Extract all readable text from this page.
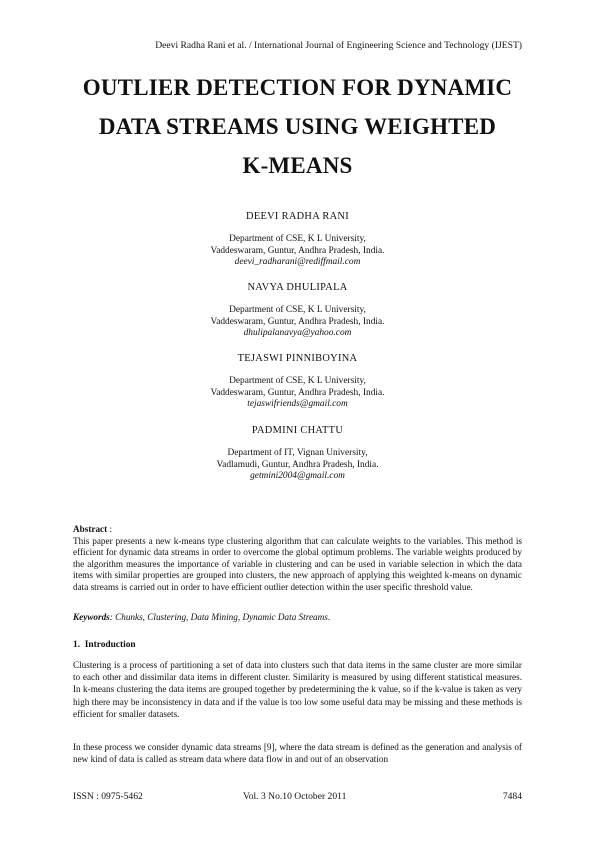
Deevi Radha Rani et al. / International Journal of Engineering Science and Technology (IJEST)
OUTLIER DETECTION FOR DYNAMIC
DATA STREAMS USING WEIGHTED
K-MEANS
DEEVI RADHA RANI
Department of CSE, K L University,
Vaddeswaram, Guntur, Andhra Pradesh, India.
deevi_radharani@rediffmail.com
NAVYA DHULIPALA
Department of CSE, K L University,
Vaddeswaram, Guntur, Andhra Pradesh, India.
dhulipalanavya@yahoo.com
TEJASWI PINNIBOYINA
Department of CSE, K L University,
Vaddeswaram, Guntur, Andhra Pradesh, India.
tejaswifriends@gmail.com
PADMINI CHATTU
Department of IT, Vignan University,
Vadlamudi, Guntur, Andhra Pradesh, India.
getmini2004@gmail.com
Abstract :

This paper presents a new k-means type clustering algorithm that can calculate weights to the variables. This method is efficient for dynamic data streams in order to overcome the global optimum problems. The variable weights produced by the algorithm measures the importance of variable in clustering and can be used in variable selection in which the data items with similar properties are grouped into clusters, the new approach of applying this weighted k-means on dynamic data streams is carried out in order to have efficient outlier detection within the user specific threshold value.

Keywords: Chunks, Clustering, Data Mining, Dynamic Data Streams.
1. Introduction

Clustering is a process of partitioning a set of data into clusters such that data items in the same cluster are more similar to each other and dissimilar data items in different cluster. Similarity is measured by using different statistical measures. In k-means clustering the data items are grouped together by predetermining the k value, so if the k-value is taken as very high there may be inconsistency in data and if the value is too low some useful data may be missing and these methods is efficient for smaller datasets.

In these process we consider dynamic data streams [9], where the data stream is defined as the generation and analysis of new kind of data is called as stream data where data flow in and out of an observation

ISSN : 0975-5462	Vol. 3 No.10 October 2011	7484
